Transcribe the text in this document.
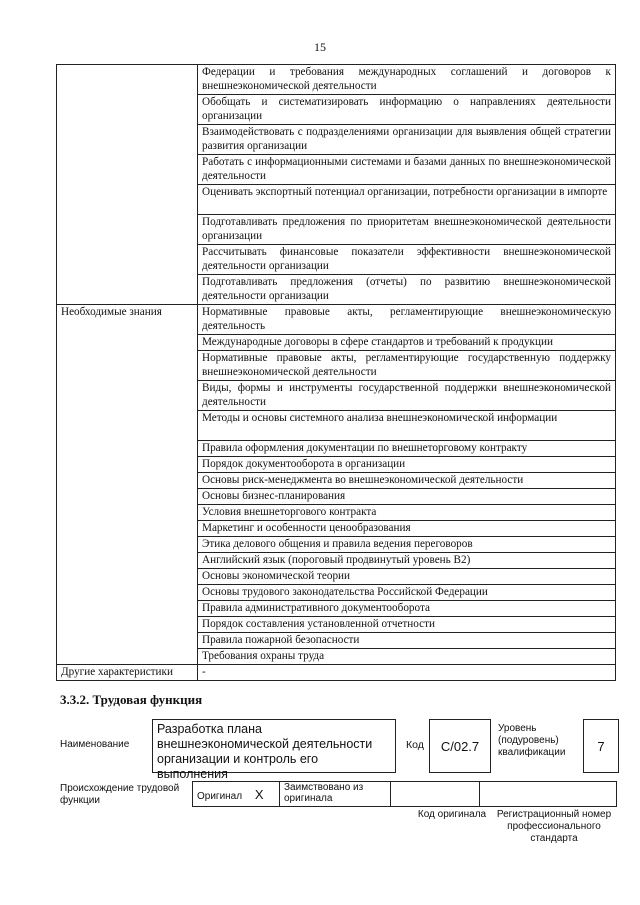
15
	Федерации и требования международных соглашений и договоров к внешнеэкономической деятельности
	Обобщать и систематизировать информацию о направлениях деятельности организации
	Взаимодействовать с подразделениями организации для выявления общей стратегии развития организации
	Работать с информационными системами и базами данных по внешнеэкономической деятельности
	Оценивать экспортный потенциал организации, потребности организации в импорте
	Подготавливать предложения по приоритетам внешнеэкономической деятельности организации
	Рассчитывать финансовые показатели эффективности внешнеэкономической деятельности организации
	Подготавливать предложения (отчеты) по развитию внешнеэкономической деятельности организации
Необходимые знания	Нормативные правовые акты, регламентирующие внешнеэкономическую деятельность
	Международные договоры в сфере стандартов и требований к продукции
	Нормативные правовые акты, регламентирующие государственную поддержку внешнеэкономической деятельности
	Виды, формы и инструменты государственной поддержки внешнеэкономической деятельности
	Методы и основы системного анализа внешнеэкономической информации
	Правила оформления документации по внешнеторговому контракту
	Порядок документооборота в организации
	Основы риск-менеджмента во внешнеэкономической деятельности
	Основы бизнес-планирования
	Условия внешнеторгового контракта
	Маркетинг и особенности ценообразования
	Этика делового общения и правила ведения переговоров
	Английский язык (пороговый продвинутый уровень B2)
	Основы экономической теории
	Основы трудового законодательства Российской Федерации
	Правила административного документооборота
	Порядок составления установленной отчетности
	Правила пожарной безопасности
	Требования охраны труда
Другие характеристики	-
3.3.2. Трудовая функция
Наименование
Разработка плана внешнеэкономической деятельности организации и контроль его выполнения
Код	С/02.7
Уровень (подуровень) квалификации	7
Происхождение трудовой функции	Оригинал X	Заимствовано из оригинала		
Код оригинала	Регистрационный номер профессионального стандарта
